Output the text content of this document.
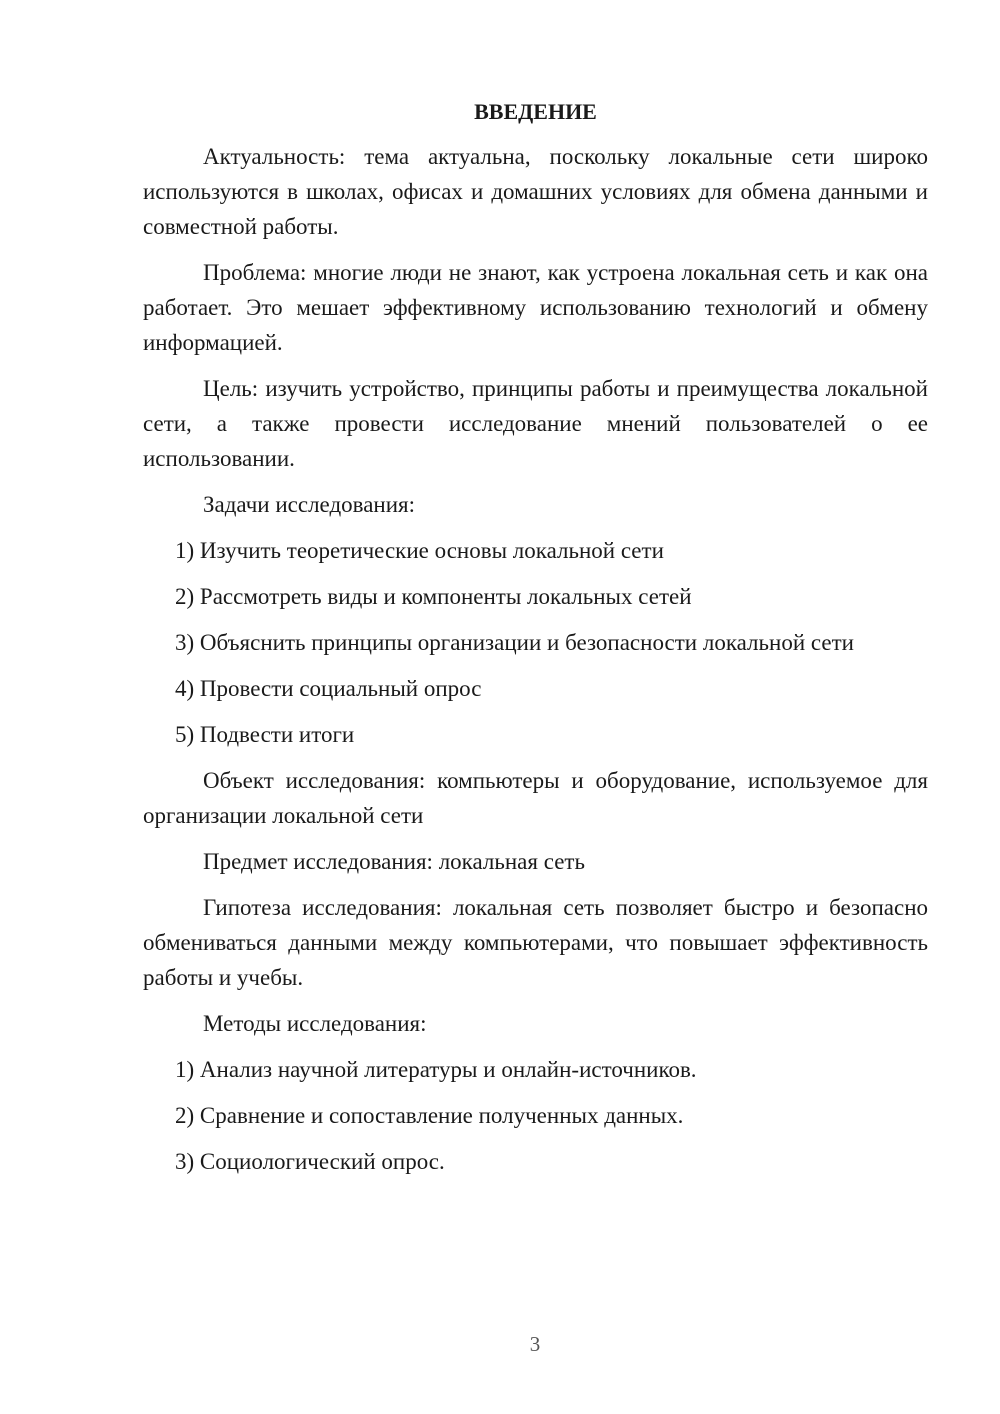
ВВЕДЕНИЕ

Актуальность: тема актуальна, поскольку локальные сети широко используются в школах, офисах и домашних условиях для обмена данными и совместной работы.

Проблема: многие люди не знают, как устроена локальная сеть и как она работает. Это мешает эффективному использованию технологий и обмену информацией.

Цель: изучить устройство, принципы работы и преимущества локальной сети, а также провести исследование мнений пользователей о ее использовании.

Задачи исследования:

1) Изучить теоретические основы локальной сети
2) Рассмотреть виды и компоненты локальных сетей
3) Объяснить принципы организации и безопасности локальной сети
4) Провести социальный опрос
5) Подвести итоги

Объект исследования: компьютеры и оборудование, используемое для организации локальной сети

Предмет исследования: локальная сеть

Гипотеза исследования: локальная сеть позволяет быстро и безопасно обмениваться данными между компьютерами, что повышает эффективность работы и учебы.

Методы исследования:

1) Анализ научной литературы и онлайн-источников.
2) Сравнение и сопоставление полученных данных.
3) Социологический опрос.
3
